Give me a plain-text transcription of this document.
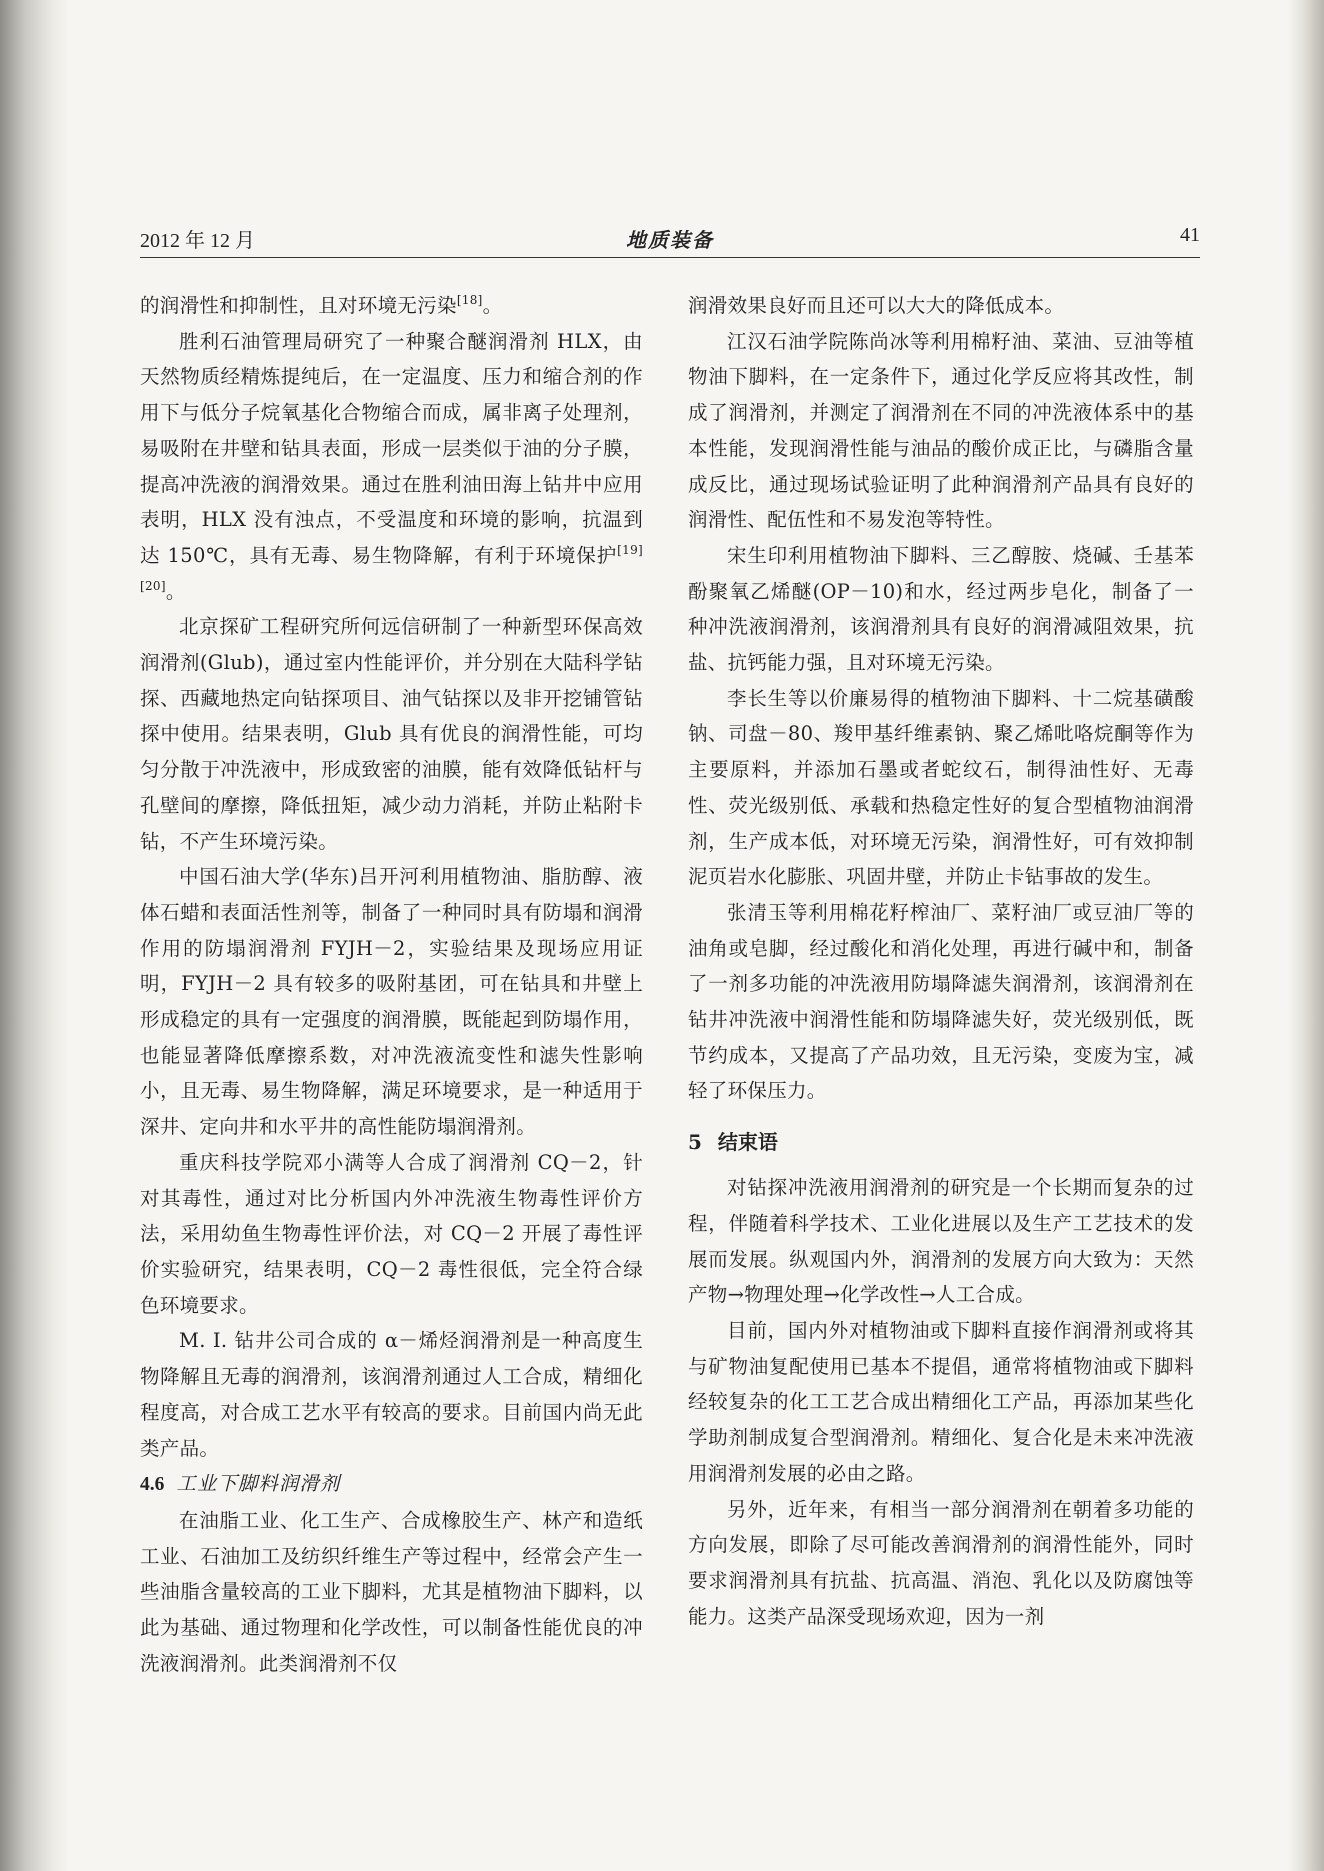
2012 年 12 月	地质装备	41

的润滑性和抑制性，且对环境无污染[18]。

胜利石油管理局研究了一种聚合醚润滑剂 HLX，由天然物质经精炼提纯后，在一定温度、压力和缩合剂的作用下与低分子烷氧基化合物缩合而成，属非离子处理剂，易吸附在井壁和钻具表面，形成一层类似于油的分子膜，提高冲洗液的润滑效果。通过在胜利油田海上钻井中应用表明，HLX 没有浊点，不受温度和环境的影响，抗温到达 150℃，具有无毒、易生物降解，有利于环境保护[19][20]。

北京探矿工程研究所何远信研制了一种新型环保高效润滑剂(Glub)，通过室内性能评价，并分别在大陆科学钻探、西藏地热定向钻探项目、油气钻探以及非开挖铺管钻探中使用。结果表明，Glub 具有优良的润滑性能，可均匀分散于冲洗液中，形成致密的油膜，能有效降低钻杆与孔壁间的摩擦，降低扭矩，减少动力消耗，并防止粘附卡钻，不产生环境污染。

中国石油大学(华东)吕开河利用植物油、脂肪醇、液体石蜡和表面活性剂等，制备了一种同时具有防塌和润滑作用的防塌润滑剂 FYJH－2，实验结果及现场应用证明，FYJH－2 具有较多的吸附基团，可在钻具和井壁上形成稳定的具有一定强度的润滑膜，既能起到防塌作用，也能显著降低摩擦系数，对冲洗液流变性和滤失性影响小，且无毒、易生物降解，满足环境要求，是一种适用于深井、定向井和水平井的高性能防塌润滑剂。

重庆科技学院邓小满等人合成了润滑剂 CQ－2，针对其毒性，通过对比分析国内外冲洗液生物毒性评价方法，采用幼鱼生物毒性评价法，对 CQ－2 开展了毒性评价实验研究，结果表明，CQ－2 毒性很低，完全符合绿色环境要求。

M. I. 钻井公司合成的 α－烯烃润滑剂是一种高度生物降解且无毒的润滑剂，该润滑剂通过人工合成，精细化程度高，对合成工艺水平有较高的要求。目前国内尚无此类产品。

4.6 工业下脚料润滑剂

在油脂工业、化工生产、合成橡胶生产、林产和造纸工业、石油加工及纺织纤维生产等过程中，经常会产生一些油脂含量较高的工业下脚料，尤其是植物油下脚料，以此为基础、通过物理和化学改性，可以制备性能优良的冲洗液润滑剂。此类润滑剂不仅

润滑效果良好而且还可以大大的降低成本。

江汉石油学院陈尚冰等利用棉籽油、菜油、豆油等植物油下脚料，在一定条件下，通过化学反应将其改性，制成了润滑剂，并测定了润滑剂在不同的冲洗液体系中的基本性能，发现润滑性能与油品的酸价成正比，与磷脂含量成反比，通过现场试验证明了此种润滑剂产品具有良好的润滑性、配伍性和不易发泡等特性。

宋生印利用植物油下脚料、三乙醇胺、烧碱、壬基苯酚聚氧乙烯醚(OP－10)和水，经过两步皂化，制备了一种冲洗液润滑剂，该润滑剂具有良好的润滑减阻效果，抗盐、抗钙能力强，且对环境无污染。

李长生等以价廉易得的植物油下脚料、十二烷基磺酸钠、司盘－80、羧甲基纤维素钠、聚乙烯吡咯烷酮等作为主要原料，并添加石墨或者蛇纹石，制得油性好、无毒性、荧光级别低、承载和热稳定性好的复合型植物油润滑剂，生产成本低，对环境无污染，润滑性好，可有效抑制泥页岩水化膨胀、巩固井壁，并防止卡钻事故的发生。

张清玉等利用棉花籽榨油厂、菜籽油厂或豆油厂等的油角或皂脚，经过酸化和消化处理，再进行碱中和，制备了一剂多功能的冲洗液用防塌降滤失润滑剂，该润滑剂在钻井冲洗液中润滑性能和防塌降滤失好，荧光级别低，既节约成本，又提高了产品功效，且无污染，变废为宝，减轻了环保压力。

5 结束语

对钻探冲洗液用润滑剂的研究是一个长期而复杂的过程，伴随着科学技术、工业化进展以及生产工艺技术的发展而发展。纵观国内外，润滑剂的发展方向大致为：天然产物→物理处理→化学改性→人工合成。

目前，国内外对植物油或下脚料直接作润滑剂或将其与矿物油复配使用已基本不提倡，通常将植物油或下脚料经较复杂的化工工艺合成出精细化工产品，再添加某些化学助剂制成复合型润滑剂。精细化、复合化是未来冲洗液用润滑剂发展的必由之路。

另外，近年来，有相当一部分润滑剂在朝着多功能的方向发展，即除了尽可能改善润滑剂的润滑性能外，同时要求润滑剂具有抗盐、抗高温、消泡、乳化以及防腐蚀等能力。这类产品深受现场欢迎，因为一剂
